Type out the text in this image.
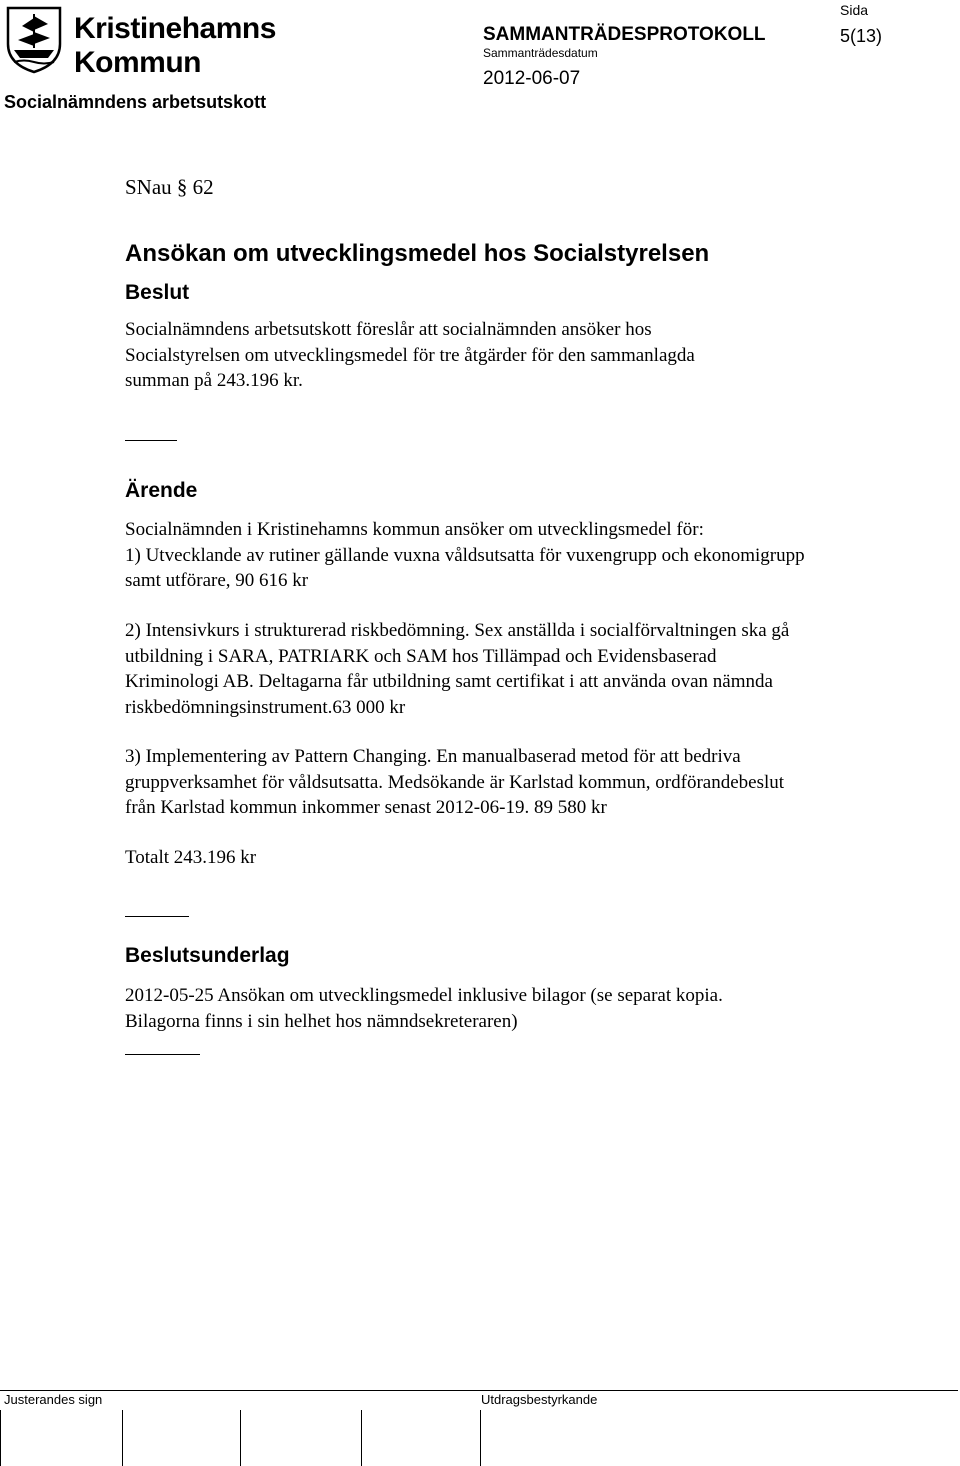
Kristinehamns
Kommun
Socialnämndens arbetsutskott
SAMMANTRÄDESPROTOKOLL
Sammanträdesdatum
2012-06-07
Sida
5(13)
SNau § 62
Ansökan om utvecklingsmedel hos Socialstyrelsen
Beslut
Socialnämndens arbetsutskott föreslår att socialnämnden ansöker hos
Socialstyrelsen om utvecklingsmedel för tre åtgärder för den sammanlagda
summan på 243.196 kr.
Ärende
Socialnämnden i Kristinehamns kommun ansöker om utvecklingsmedel för:
1) Utvecklande av rutiner gällande vuxna våldsutsatta för vuxengrupp och ekonomigrupp
samt utförare, 90 616 kr
2) Intensivkurs i strukturerad riskbedömning. Sex anställda i socialförvaltningen ska gå
utbildning i SARA, PATRIARK och SAM hos Tillämpad och Evidensbaserad
Kriminologi AB. Deltagarna får utbildning samt certifikat i att använda ovan nämnda
riskbedömningsinstrument.63 000 kr
3) Implementering av Pattern Changing. En manualbaserad metod för att bedriva
gruppverksamhet för våldsutsatta. Medsökande är Karlstad kommun, ordförandebeslut
från Karlstad kommun inkommer senast 2012-06-19. 89 580 kr
Totalt 243.196 kr
Beslutsunderlag
2012-05-25 Ansökan om utvecklingsmedel inklusive bilagor (se separat kopia.
Bilagorna finns i sin helhet hos nämndsekreteraren)
Justerandes sign	Utdragsbestyrkande
